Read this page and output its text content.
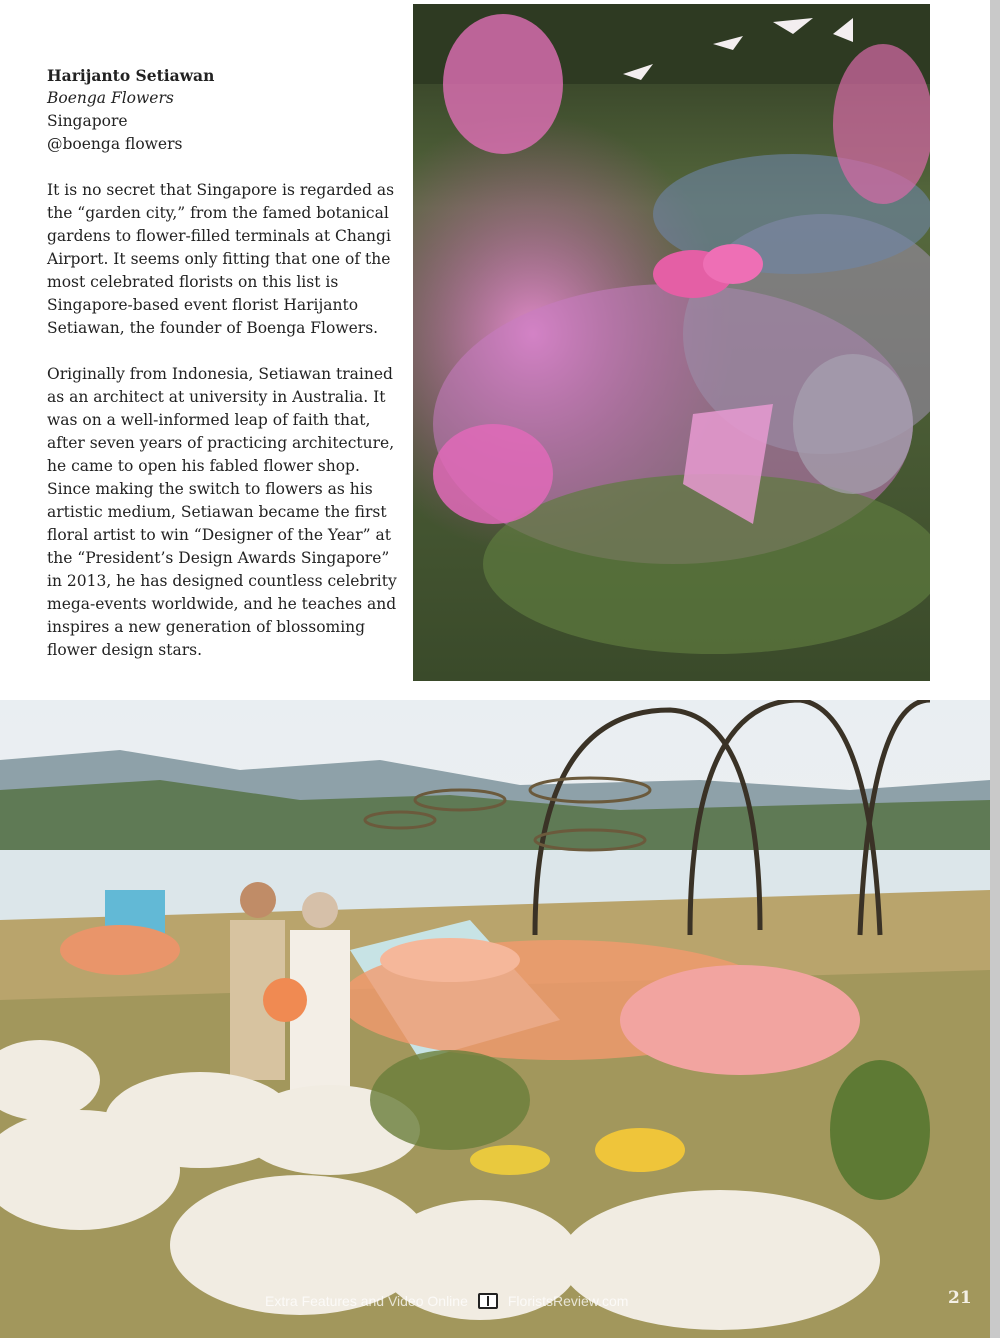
Harijanto Setiawan
Boenga Flowers
Singapore
@boenga flowers

It is no secret that Singapore is regarded as the “garden city,” from the famed botanical gardens to flower-filled terminals at Changi Airport. It seems only fitting that one of the most celebrated florists on this list is Singapore-based event florist Harijanto Setiawan, the founder of Boenga Flowers.

Originally from Indonesia, Setiawan trained as an architect at university in Australia. It was on a well-informed leap of faith that, after seven years of practicing architecture, he came to open his fabled flower shop. Since making the switch to flowers as his artistic medium, Setiawan became the first floral artist to win “Designer of the Year” at the “President’s Design Awards Singapore” in 2013, he has designed countless celebrity mega-events worldwide, and he teaches and inspires a new generation of blossoming flower design stars.

Extra Features and Video Online	FloristsReview.com	21
